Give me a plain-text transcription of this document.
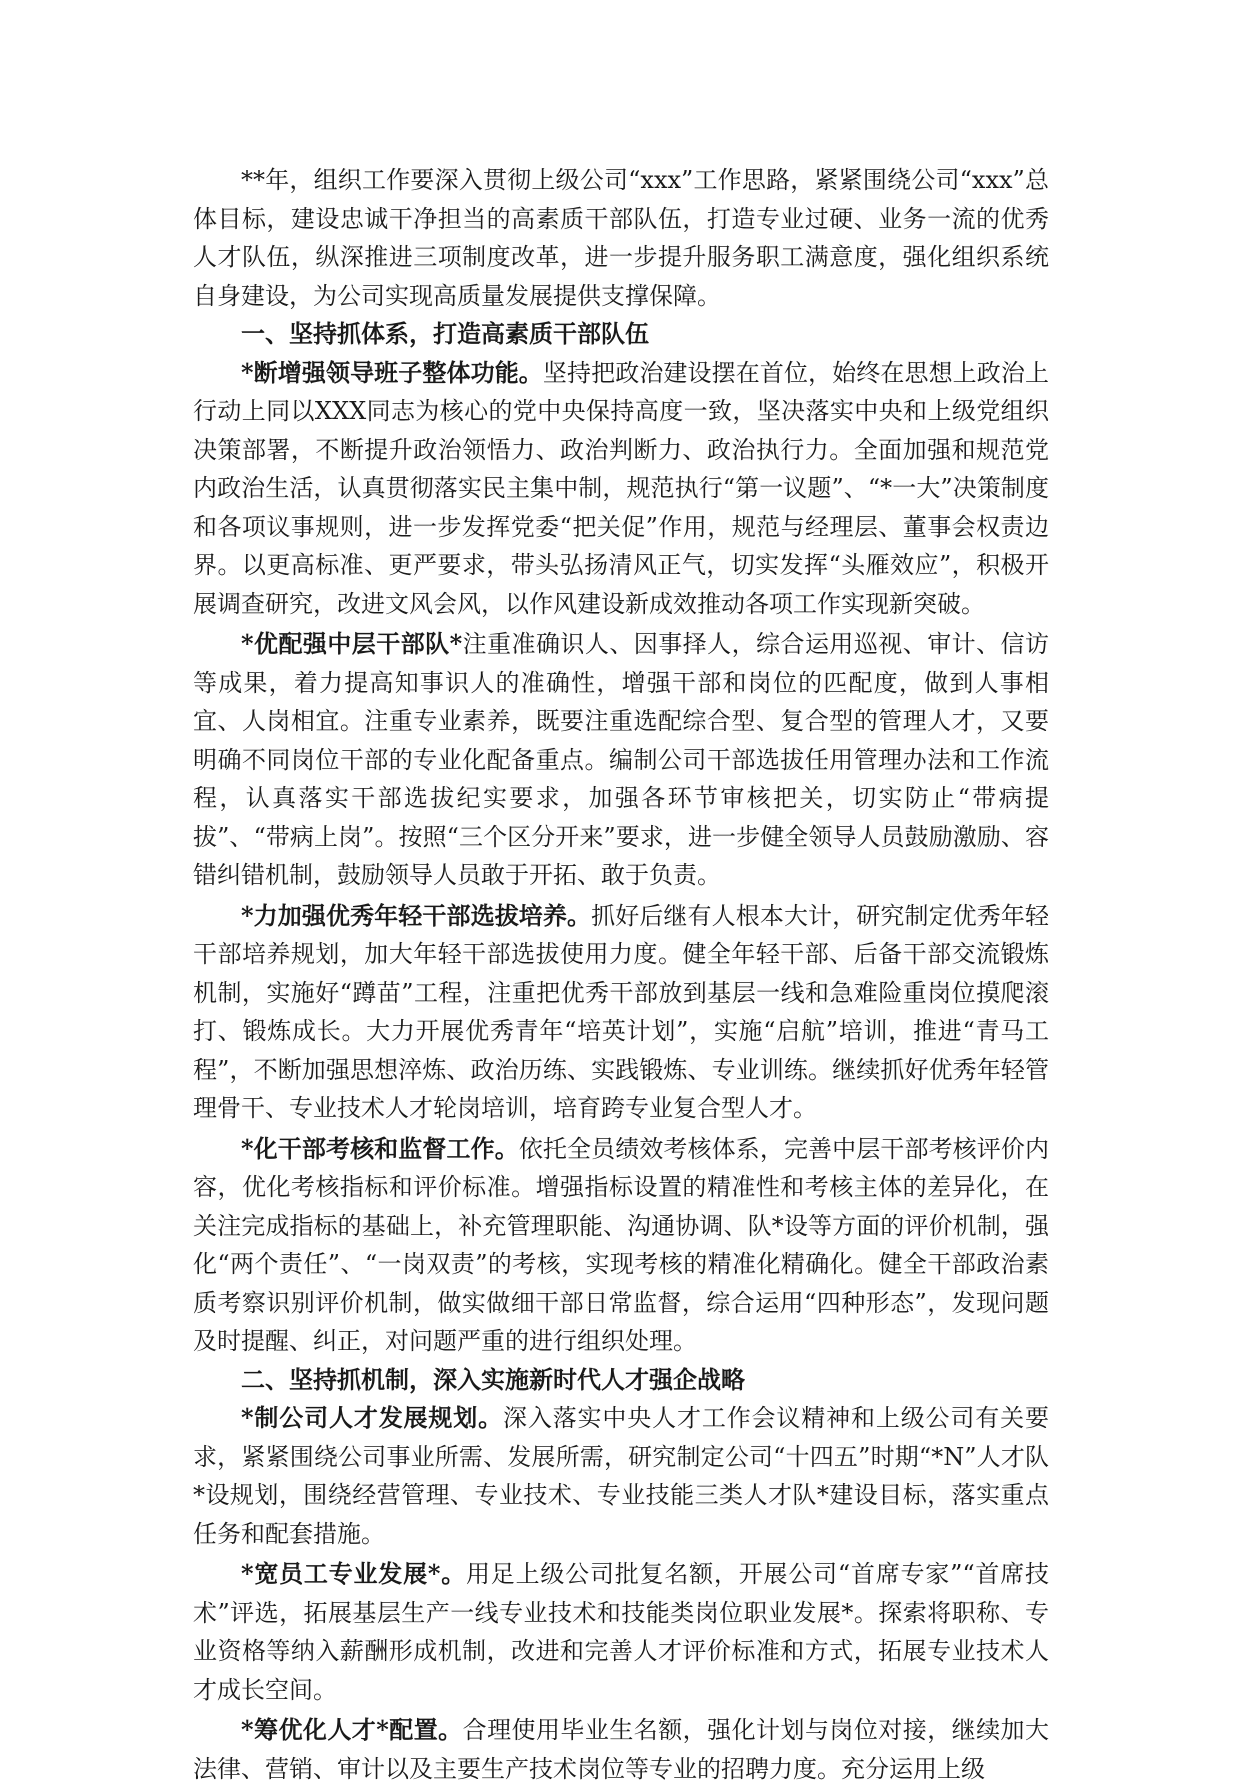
**年，组织工作要深入贯彻上级公司“xxx”工作思路，紧紧围绕公司“xxx”总体目标，建设忠诚干净担当的高素质干部队伍，打造专业过硬、业务一流的优秀人才队伍，纵深推进三项制度改革，进一步提升服务职工满意度，强化组织系统自身建设，为公司实现高质量发展提供支撑保障。

一、坚持抓体系，打造高素质干部队伍

*断增强领导班子整体功能。坚持把政治建设摆在首位，始终在思想上政治上行动上同以XXX同志为核心的党中央保持高度一致，坚决落实中央和上级党组织决策部署，不断提升政治领悟力、政治判断力、政治执行力。全面加强和规范党内政治生活，认真贯彻落实民主集中制，规范执行“第一议题”、“*一大”决策制度和各项议事规则，进一步发挥党委“把关促”作用，规范与经理层、董事会权责边界。以更高标准、更严要求，带头弘扬清风正气，切实发挥“头雁效应”，积极开展调查研究，改进文风会风，以作风建设新成效推动各项工作实现新突破。

*优配强中层干部队*注重准确识人、因事择人，综合运用巡视、审计、信访等成果，着力提高知事识人的准确性，增强干部和岗位的匹配度，做到人事相宜、人岗相宜。注重专业素养，既要注重选配综合型、复合型的管理人才，又要明确不同岗位干部的专业化配备重点。编制公司干部选拔任用管理办法和工作流程，认真落实干部选拔纪实要求，加强各环节审核把关，切实防止“带病提拔”、“带病上岗”。按照“三个区分开来”要求，进一步健全领导人员鼓励激励、容错纠错机制，鼓励领导人员敢于开拓、敢于负责。

*力加强优秀年轻干部选拔培养。抓好后继有人根本大计，研究制定优秀年轻干部培养规划，加大年轻干部选拔使用力度。健全年轻干部、后备干部交流锻炼机制，实施好“蹲苗”工程，注重把优秀干部放到基层一线和急难险重岗位摸爬滚打、锻炼成长。大力开展优秀青年“培英计划”，实施“启航”培训，推进“青马工程”，不断加强思想淬炼、政治历练、实践锻炼、专业训练。继续抓好优秀年轻管理骨干、专业技术人才轮岗培训，培育跨专业复合型人才。

*化干部考核和监督工作。依托全员绩效考核体系，完善中层干部考核评价内容，优化考核指标和评价标准。增强指标设置的精准性和考核主体的差异化，在关注完成指标的基础上，补充管理职能、沟通协调、队*设等方面的评价机制，强化“两个责任”、“一岗双责”的考核，实现考核的精准化精确化。健全干部政治素质考察识别评价机制，做实做细干部日常监督，综合运用“四种形态”，发现问题及时提醒、纠正，对问题严重的进行组织处理。

二、坚持抓机制，深入实施新时代人才强企战略

*制公司人才发展规划。深入落实中央人才工作会议精神和上级公司有关要求，紧紧围绕公司事业所需、发展所需，研究制定公司“十四五”时期“*N”人才队*设规划，围绕经营管理、专业技术、专业技能三类人才队*建设目标，落实重点任务和配套措施。

*宽员工专业发展*。用足上级公司批复名额，开展公司“首席专家”“首席技术”评选，拓展基层生产一线专业技术和技能类岗位职业发展*。探索将职称、专业资格等纳入薪酬形成机制，改进和完善人才评价标准和方式，拓展专业技术人才成长空间。

*筹优化人才*配置。合理使用毕业生名额，强化计划与岗位对接，继续加大法律、营销、审计以及主要生产技术岗位等专业的招聘力度。充分运用上级
